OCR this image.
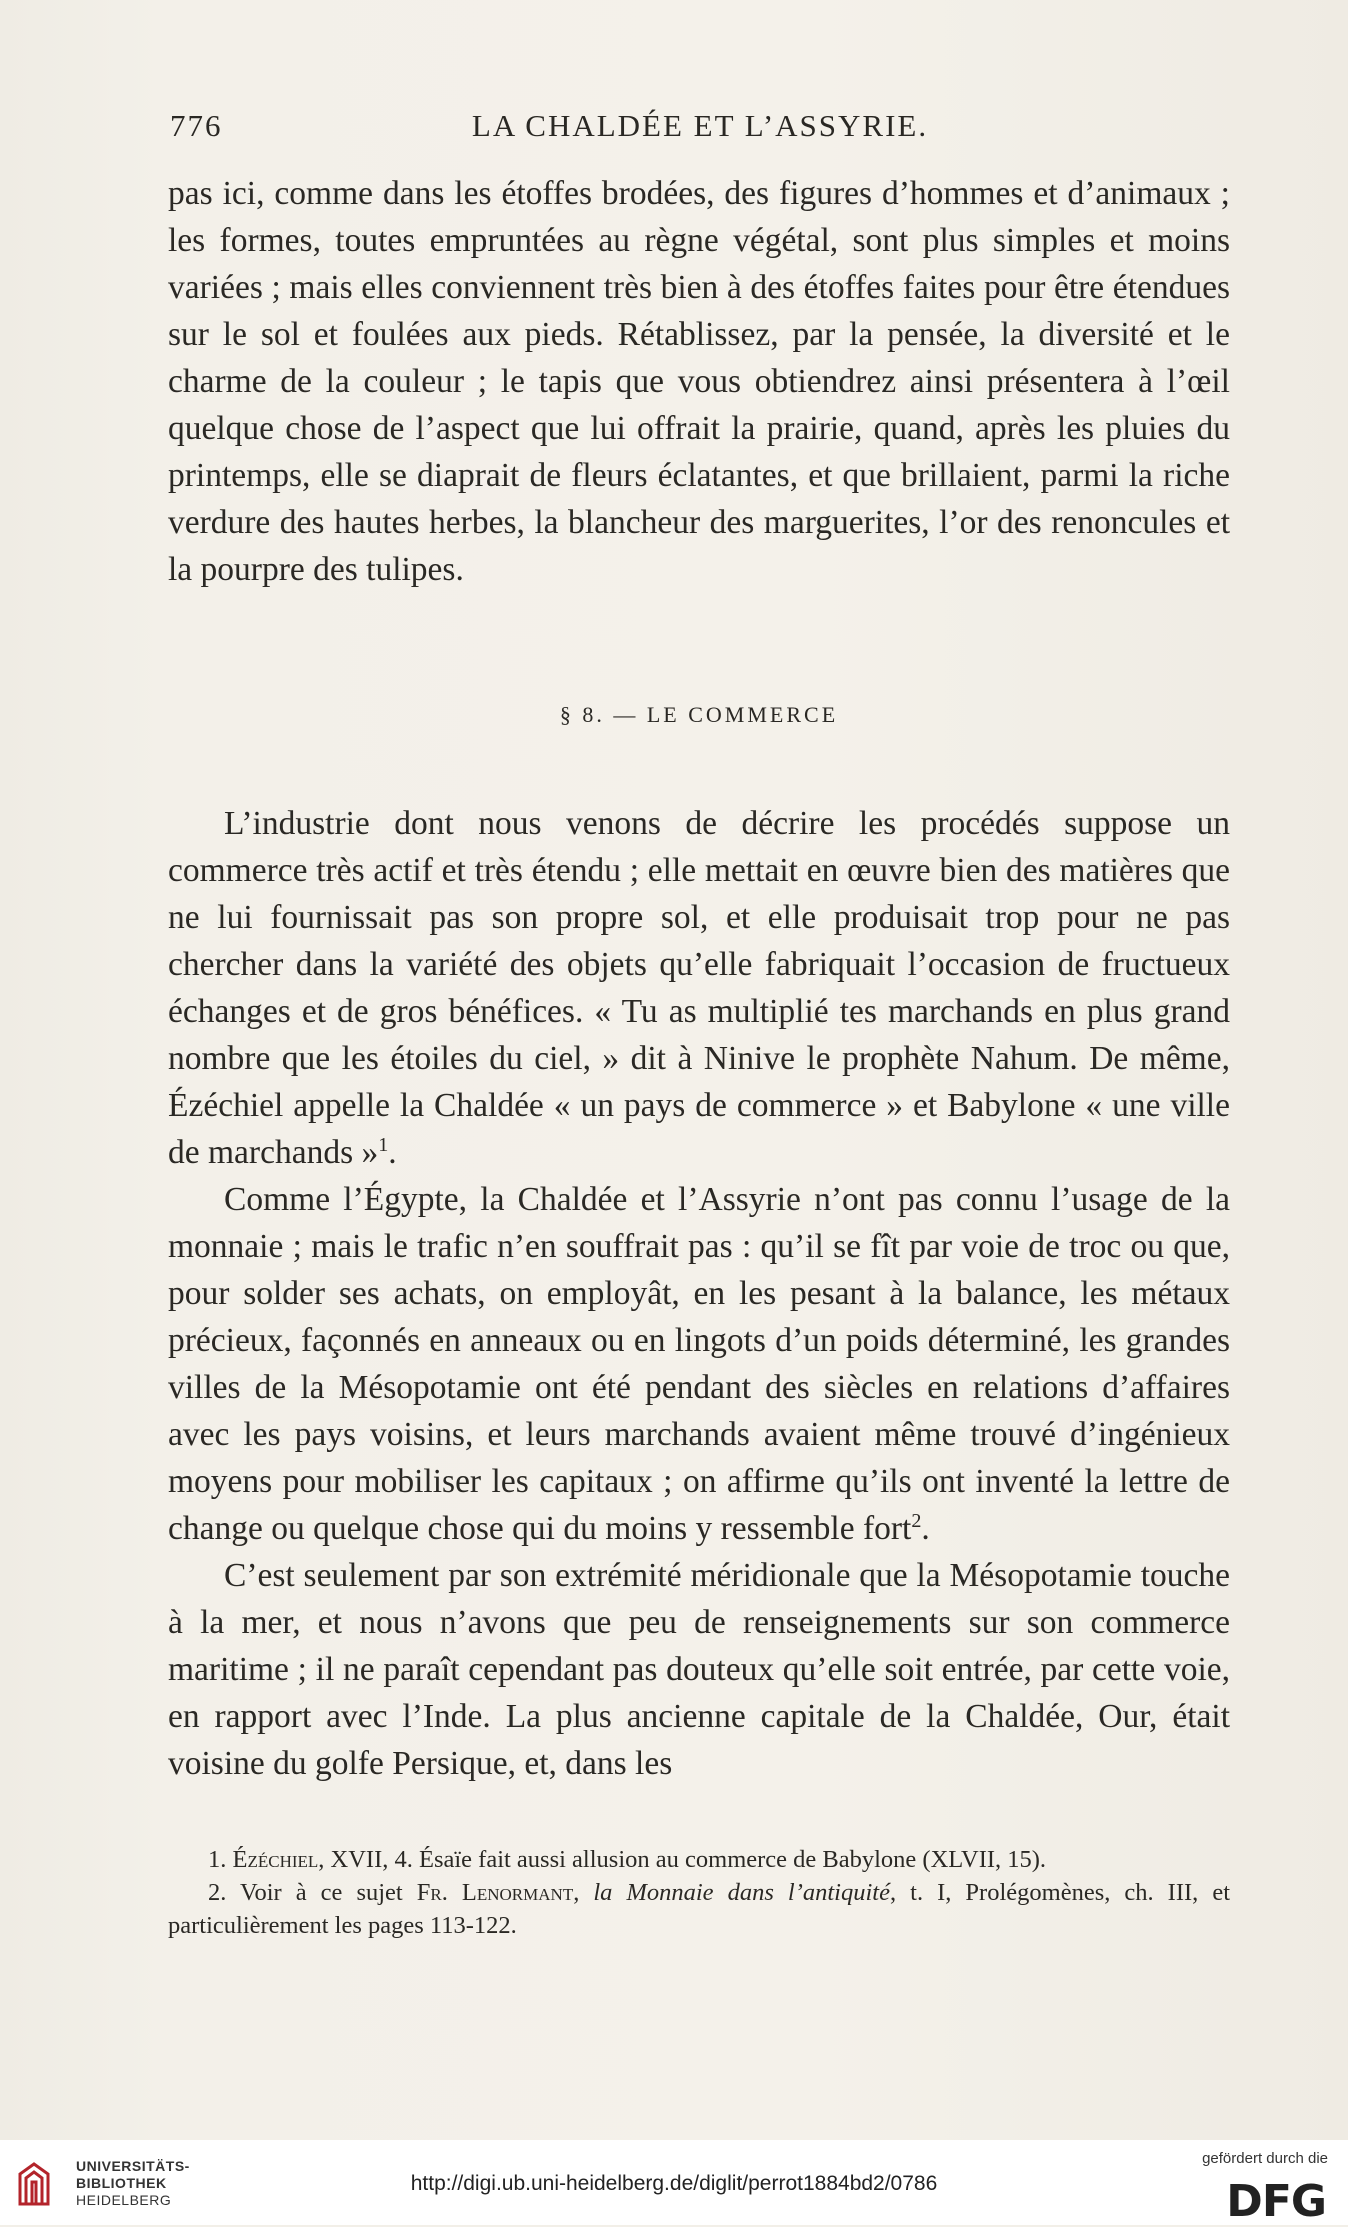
776	LA CHALDÉE ET L’ASSYRIE.

pas ici, comme dans les étoffes brodées, des figures d’hommes et d’animaux ; les formes, toutes empruntées au règne végétal, sont plus simples et moins variées ; mais elles conviennent très bien à des étoffes faites pour être étendues sur le sol et foulées aux pieds. Rétablissez, par la pensée, la diversité et le charme de la couleur ; le tapis que vous obtiendrez ainsi présentera à l’œil quelque chose de l’aspect que lui offrait la prairie, quand, après les pluies du printemps, elle se diaprait de fleurs éclatantes, et que brillaient, parmi la riche verdure des hautes herbes, la blancheur des marguerites, l’or des renoncules et la pourpre des tulipes.

§ 8. — LE COMMERCE

L’industrie dont nous venons de décrire les procédés suppose un commerce très actif et très étendu ; elle mettait en œuvre bien des matières que ne lui fournissait pas son propre sol, et elle produisait trop pour ne pas chercher dans la variété des objets qu’elle fabriquait l’occasion de fructueux échanges et de gros bénéfices. « Tu as multiplié tes marchands en plus grand nombre que les étoiles du ciel, » dit à Ninive le prophète Nahum. De même, Ézéchiel appelle la Chaldée « un pays de commerce » et Babylone « une ville de marchands »$^1$.

Comme l’Égypte, la Chaldée et l’Assyrie n’ont pas connu l’usage de la monnaie ; mais le trafic n’en souffrait pas : qu’il se fît par voie de troc ou que, pour solder ses achats, on employât, en les pesant à la balance, les métaux précieux, façonnés en anneaux ou en lingots d’un poids déterminé, les grandes villes de la Mésopotamie ont été pendant des siècles en relations d’affaires avec les pays voisins, et leurs marchands avaient même trouvé d’ingénieux moyens pour mobiliser les capitaux ; on affirme qu’ils ont inventé la lettre de change ou quelque chose qui du moins y ressemble fort$^2$.

C’est seulement par son extrémité méridionale que la Mésopotamie touche à la mer, et nous n’avons que peu de renseignements sur son commerce maritime ; il ne paraît cependant pas douteux qu’elle soit entrée, par cette voie, en rapport avec l’Inde. La plus ancienne capitale de la Chaldée, Our, était voisine du golfe Persique, et, dans les

1. Ézéchiel, XVII, 4. Ésaïe fait aussi allusion au commerce de Babylone (XLVII, 15).

2. Voir à ce sujet Fr. Lenormant, la Monnaie dans l’antiquité, t. I, Prolégomènes, ch. III, et particulièrement les pages 113-122.

UNIVERSITÄTS-
BIBLIOTHEK
HEIDELBERG
http://digi.ub.uni-heidelberg.de/diglit/perrot1884bd2/0786
gefördert durch die
DFG
